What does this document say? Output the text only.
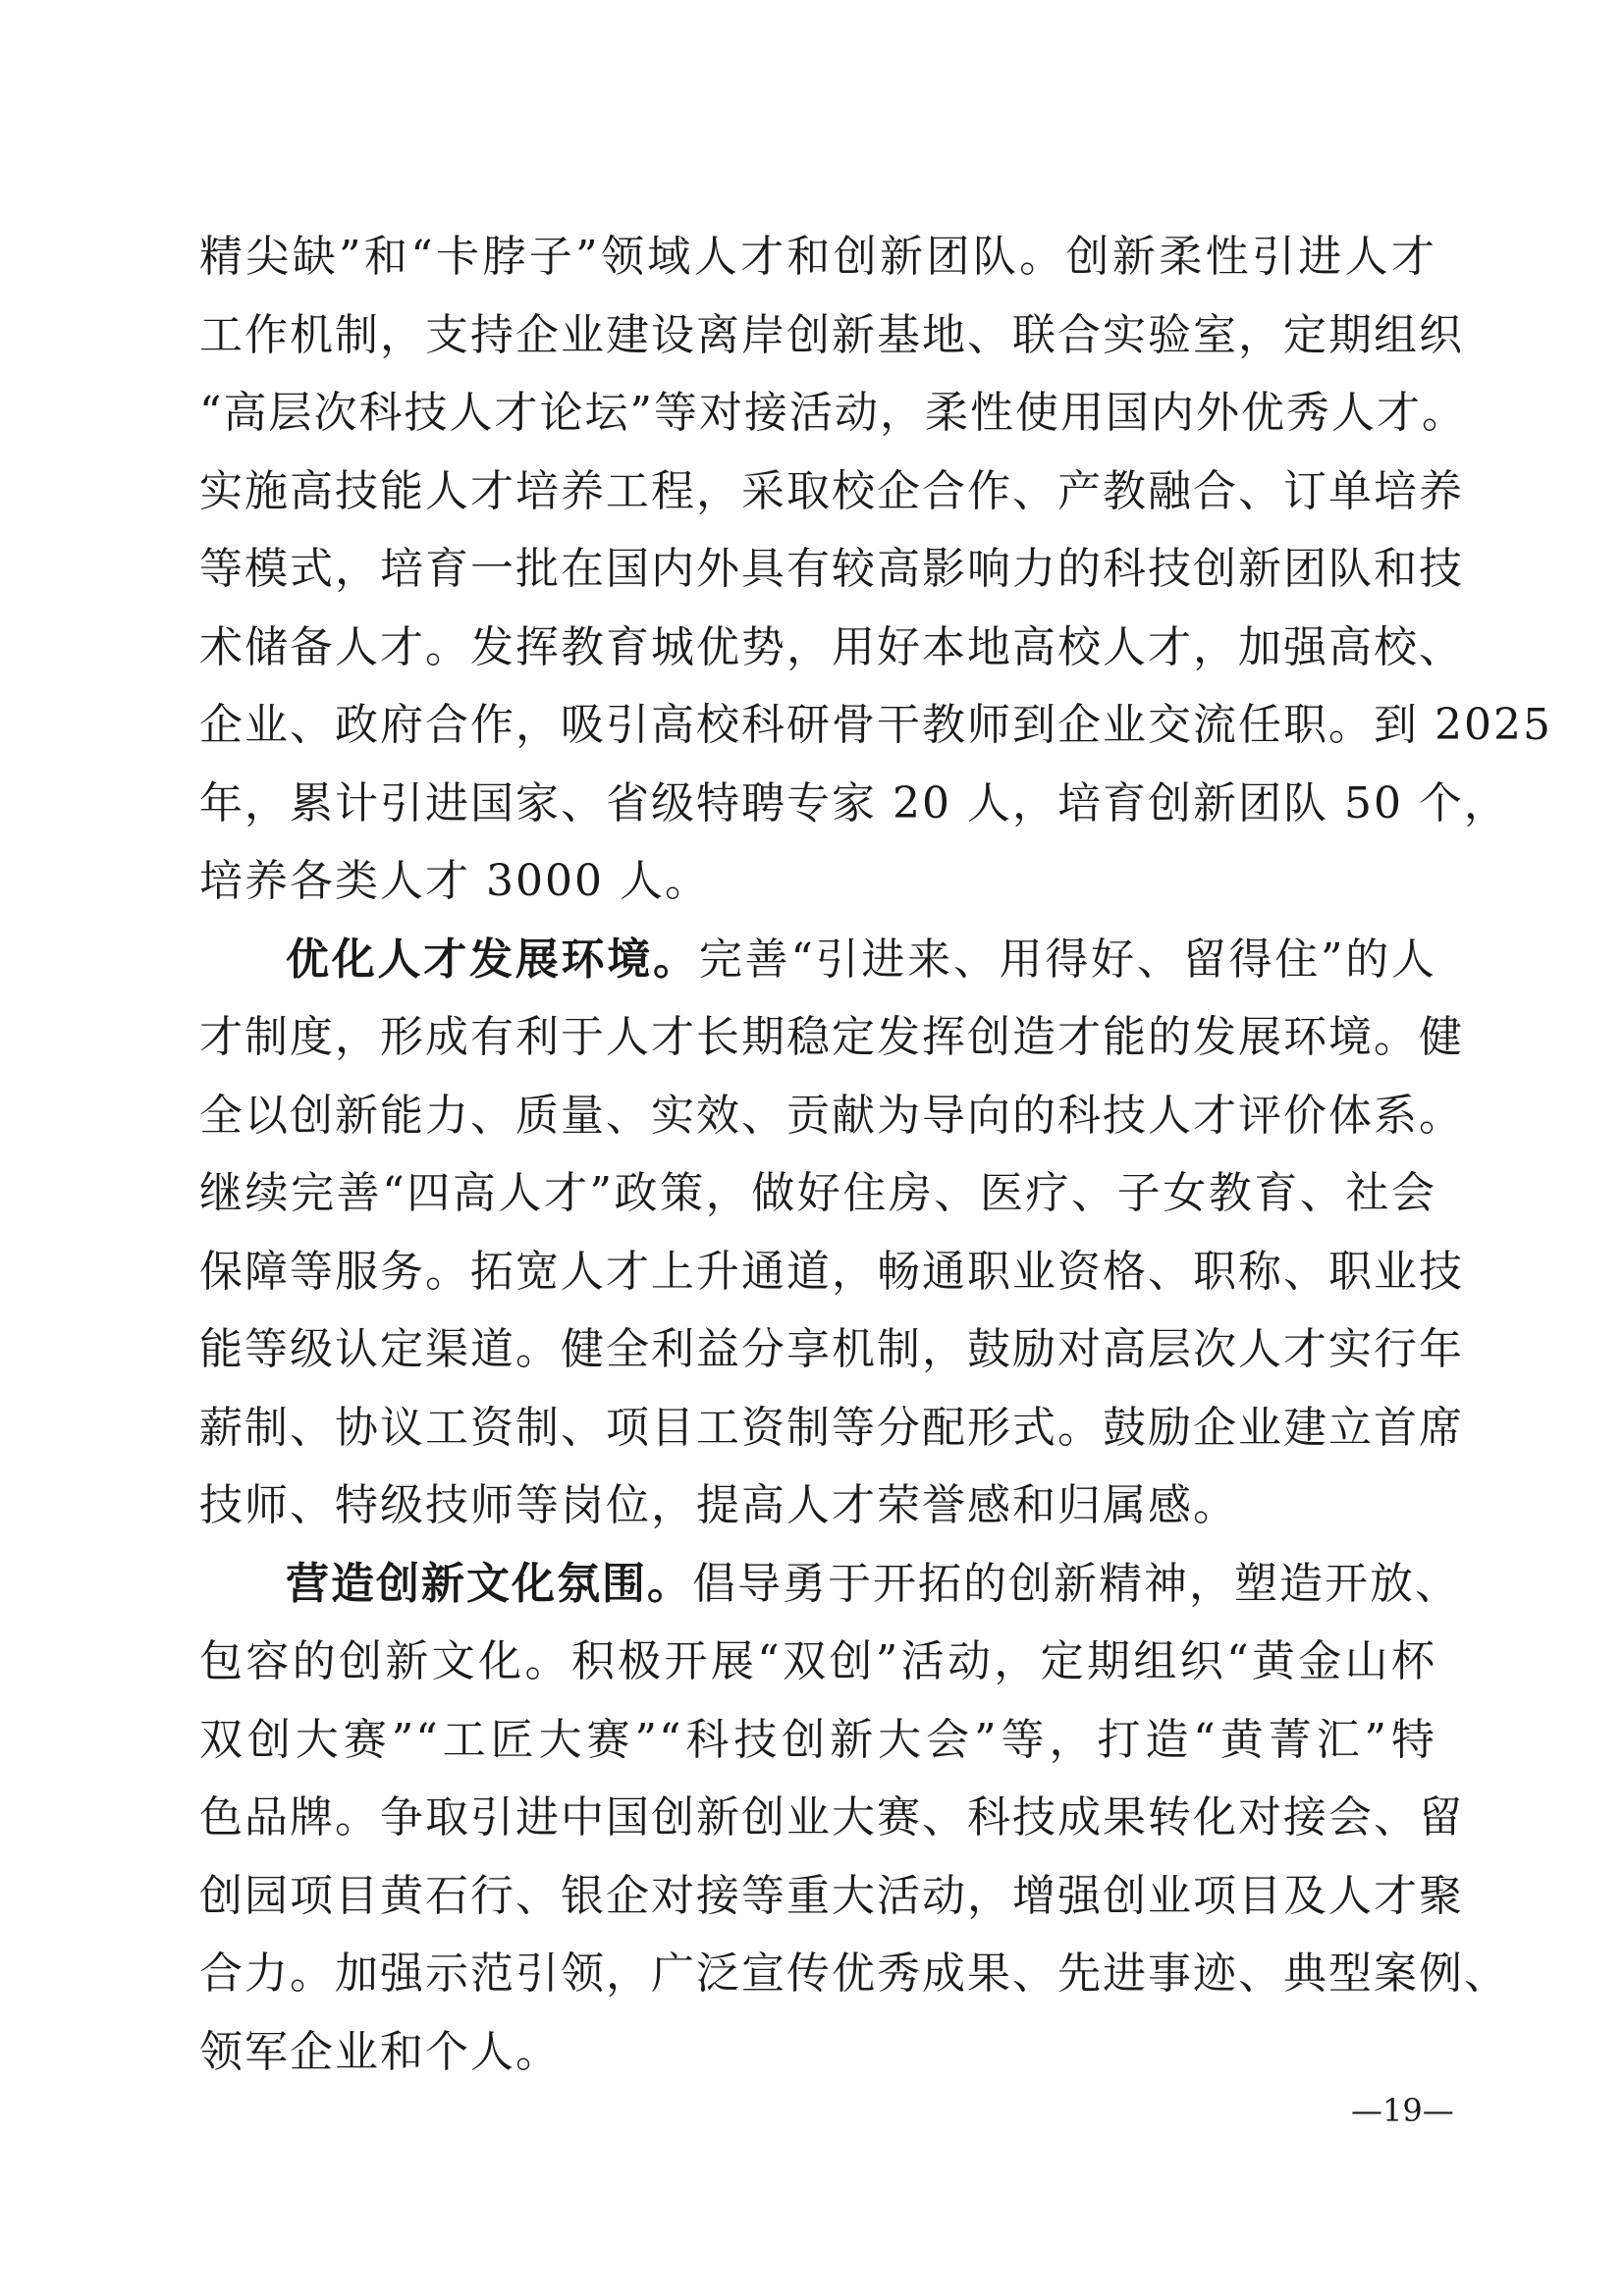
精尖缺”和“卡脖子”领域人才和创新团队。创新柔性引进人才
工作机制，支持企业建设离岸创新基地、联合实验室，定期组织
“高层次科技人才论坛”等对接活动，柔性使用国内外优秀人才。
实施高技能人才培养工程，采取校企合作、产教融合、订单培养
等模式，培育一批在国内外具有较高影响力的科技创新团队和技
术储备人才。发挥教育城优势，用好本地高校人才，加强高校、
企业、政府合作，吸引高校科研骨干教师到企业交流任职。到 2025
年，累计引进国家、省级特聘专家 20 人，培育创新团队 50 个，
培养各类人才 3000 人。
优化人才发展环境。完善“引进来、用得好、留得住”的人
才制度，形成有利于人才长期稳定发挥创造才能的发展环境。健
全以创新能力、质量、实效、贡献为导向的科技人才评价体系。
继续完善“四高人才”政策，做好住房、医疗、子女教育、社会
保障等服务。拓宽人才上升通道，畅通职业资格、职称、职业技
能等级认定渠道。健全利益分享机制，鼓励对高层次人才实行年
薪制、协议工资制、项目工资制等分配形式。鼓励企业建立首席
技师、特级技师等岗位，提高人才荣誉感和归属感。
营造创新文化氛围。倡导勇于开拓的创新精神，塑造开放、
包容的创新文化。积极开展“双创”活动，定期组织“黄金山杯
双创大赛”“工匠大赛”“科技创新大会”等，打造“黄菁汇”特
色品牌。争取引进中国创新创业大赛、科技成果转化对接会、留
创园项目黄石行、银企对接等重大活动，增强创业项目及人才聚
合力。加强示范引领，广泛宣传优秀成果、先进事迹、典型案例、
领军企业和个人。
—19—
